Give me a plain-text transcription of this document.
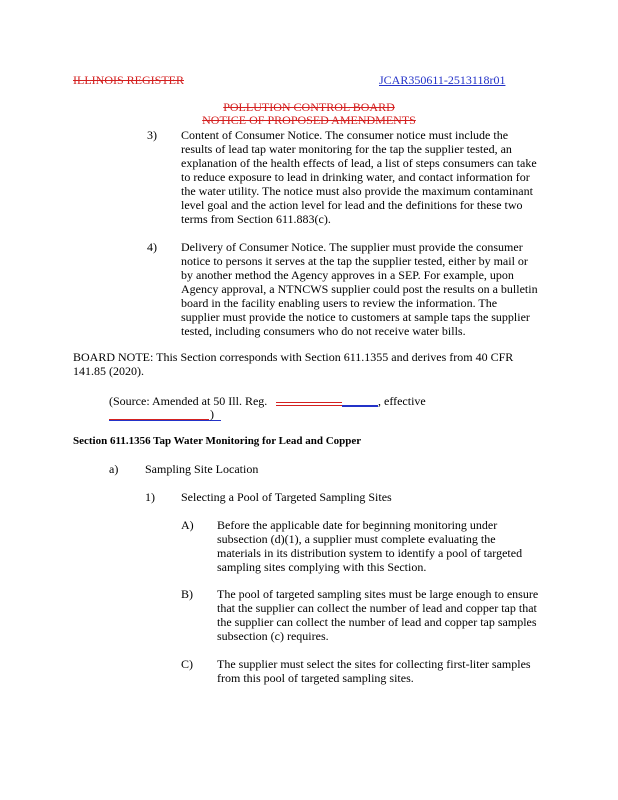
ILLINOIS REGISTER	JCAR350611-2513118r01
POLLUTION CONTROL BOARD
NOTICE OF PROPOSED AMENDMENTS
3) Content of Consumer Notice. The consumer notice must include the
results of lead tap water monitoring for the tap the supplier tested, an
explanation of the health effects of lead, a list of steps consumers can take
to reduce exposure to lead in drinking water, and contact information for
the water utility. The notice must also provide the maximum contaminant
level goal and the action level for lead and the definitions for these two
terms from Section 611.883(c).
4) Delivery of Consumer Notice. The supplier must provide the consumer
notice to persons it serves at the tap the supplier tested, either by mail or
by another method the Agency approves in a SEP. For example, upon
Agency approval, a NTNCWS supplier could post the results on a bulletin
board in the facility enabling users to review the information. The
supplier must provide the notice to customers at sample taps the supplier
tested, including consumers who do not receive water bills.
BOARD NOTE: This Section corresponds with Section 611.1355 and derives from 40 CFR
141.85 (2020).
(Source: Amended at 50 Ill. Reg.	, effective
)
Section 611.1356 Tap Water Monitoring for Lead and Copper
a) Sampling Site Location
1) Selecting a Pool of Targeted Sampling Sites
A) Before the applicable date for beginning monitoring under
subsection (d)(1), a supplier must complete evaluating the
materials in its distribution system to identify a pool of targeted
sampling sites complying with this Section.
B) The pool of targeted sampling sites must be large enough to ensure
that the supplier can collect the number of lead and copper tap that
the supplier can collect the number of lead and copper tap samples
subsection (c) requires.
C) The supplier must select the sites for collecting first-liter samples
from this pool of targeted sampling sites.
